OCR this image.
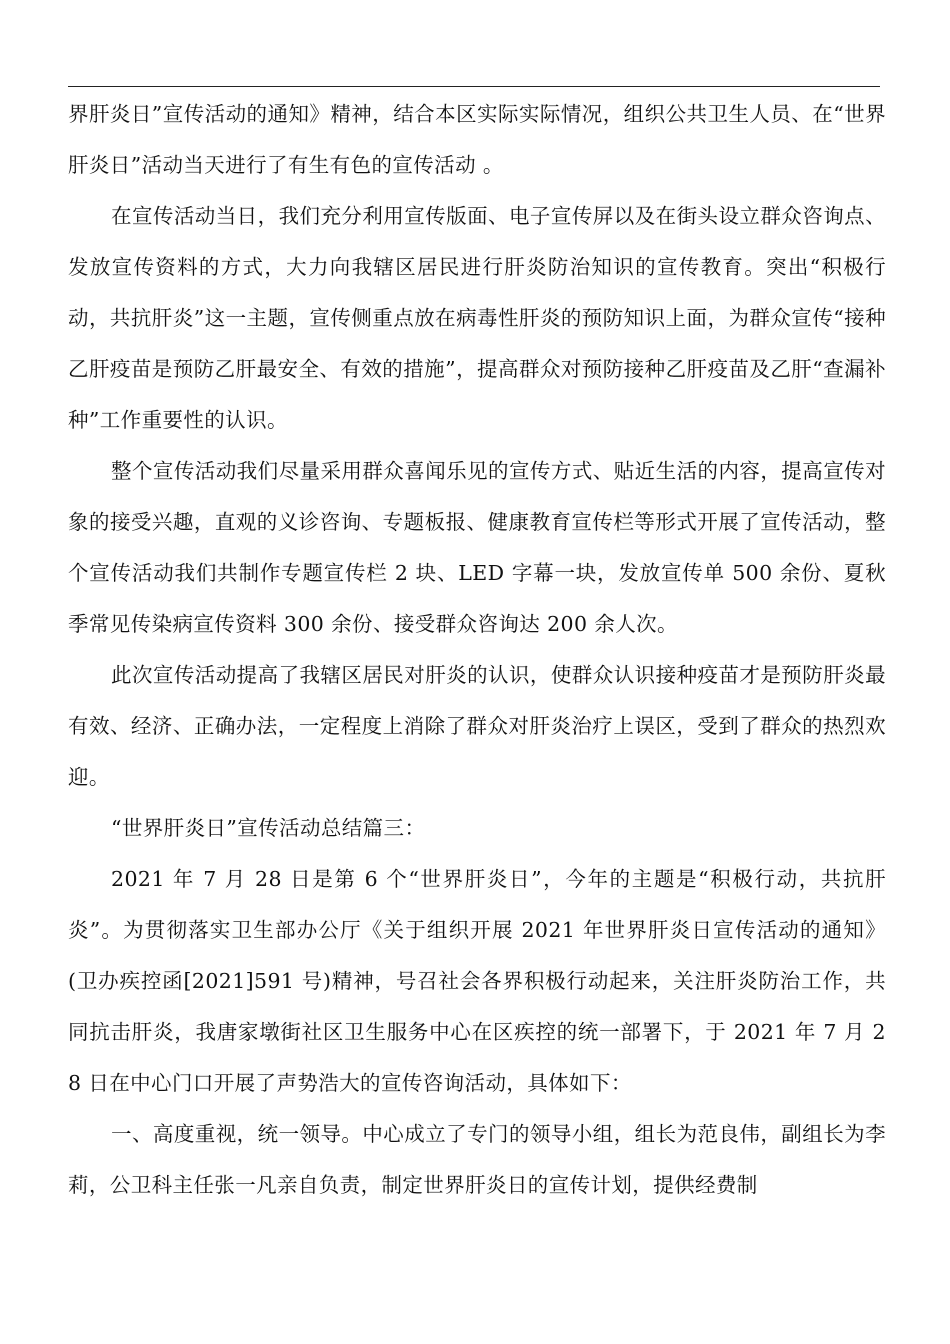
界肝炎日”宣传活动的通知》精神，结合本区实际实际情况，组织公共卫生人员、在“世界肝炎日”活动当天进行了有生有色的宣传活动 。

在宣传活动当日，我们充分利用宣传版面、电子宣传屏以及在街头设立群众咨询点、发放宣传资料的方式，大力向我辖区居民进行肝炎防治知识的宣传教育。突出“积极行动，共抗肝炎”这一主题，宣传侧重点放在病毒性肝炎的预防知识上面，为群众宣传“接种乙肝疫苗是预防乙肝最安全、有效的措施”，提高群众对预防接种乙肝疫苗及乙肝“查漏补种”工作重要性的认识。

整个宣传活动我们尽量采用群众喜闻乐见的宣传方式、贴近生活的内容，提高宣传对象的接受兴趣，直观的义诊咨询、专题板报、健康教育宣传栏等形式开展了宣传活动，整个宣传活动我们共制作专题宣传栏 2 块、LED 字幕一块，发放宣传单 500 余份、夏秋季常见传染病宣传资料 300 余份、接受群众咨询达 200 余人次。

此次宣传活动提高了我辖区居民对肝炎的认识，使群众认识接种疫苗才是预防肝炎最有效、经济、正确办法，一定程度上消除了群众对肝炎治疗上误区，受到了群众的热烈欢迎。

“世界肝炎日”宣传活动总结篇三：

2021 年 7 月 28 日是第 6 个“世界肝炎日”，今年的主题是“积极行动，共抗肝炎”。为贯彻落实卫生部办公厅《关于组织开展 2021 年世界肝炎日宣传活动的通知》(卫办疾控函[2021]591 号)精神，号召社会各界积极行动起来，关注肝炎防治工作，共同抗击肝炎，我唐家墩街社区卫生服务中心在区疾控的统一部署下，于 2021 年 7 月 28 日在中心门口开展了声势浩大的宣传咨询活动，具体如下：

一、高度重视，统一领导。中心成立了专门的领导小组，组长为范良伟，副组长为李莉，公卫科主任张一凡亲自负责，制定世界肝炎日的宣传计划，提供经费制
